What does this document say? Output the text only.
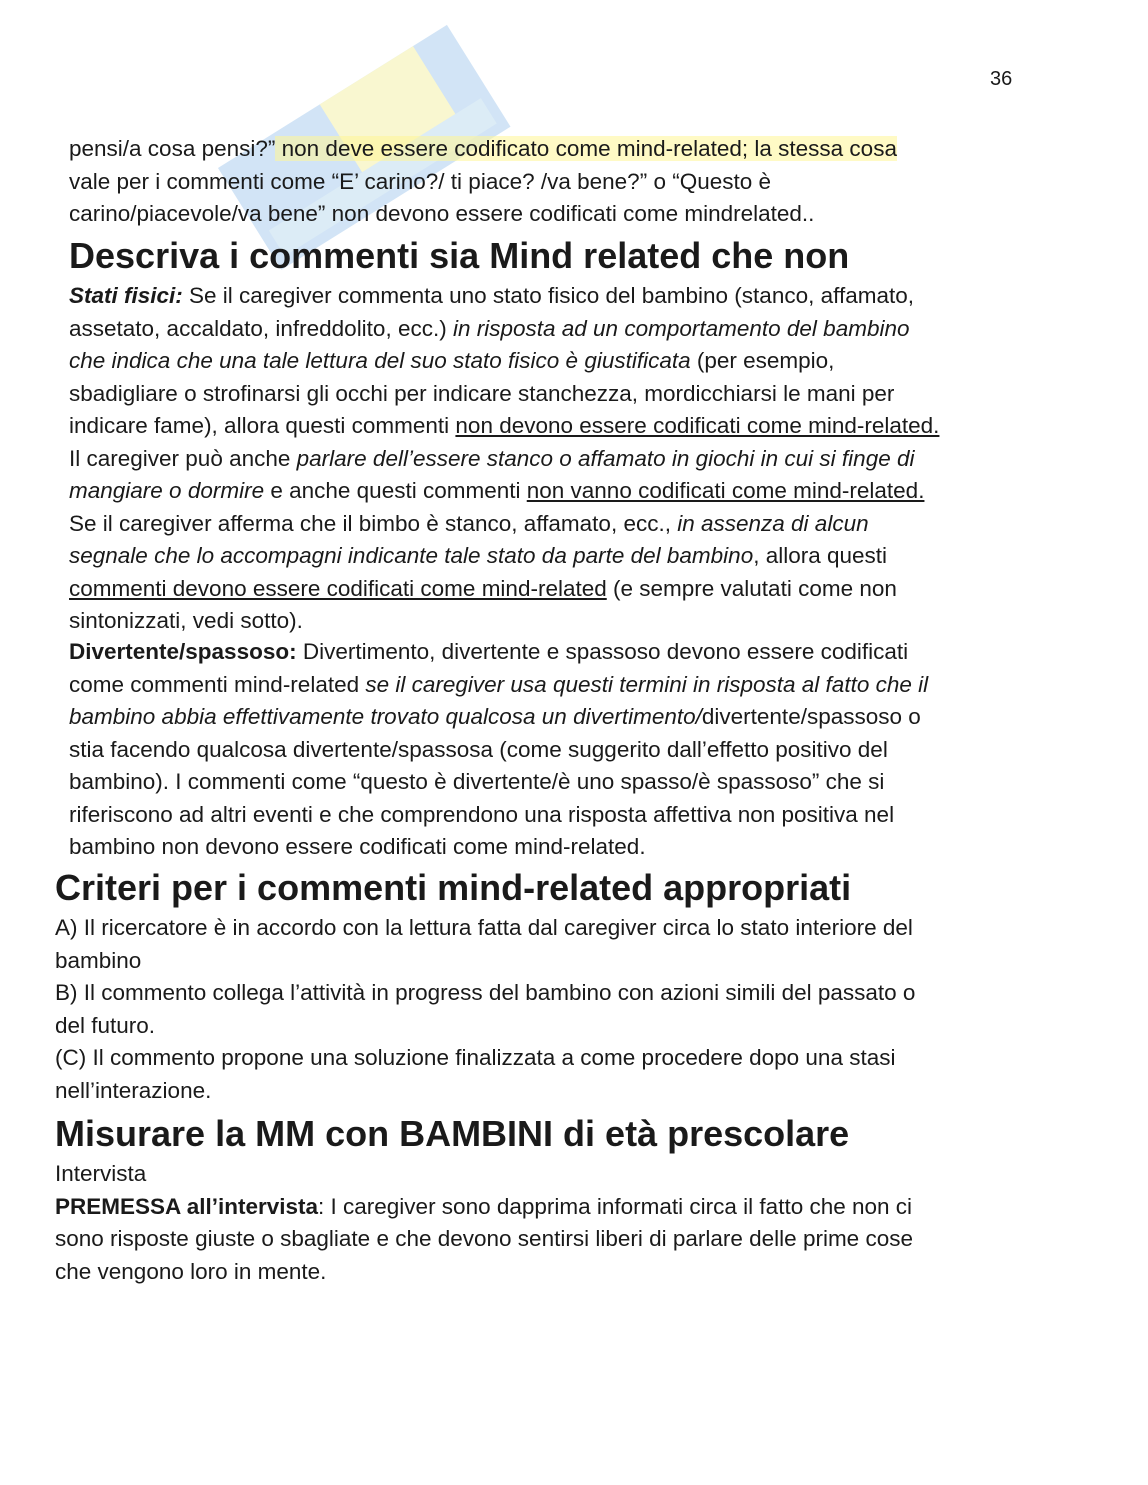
36

pensi/a cosa pensi?” non deve essere codificato come mind-related; la stessa cosa
vale per i commenti come “E’ carino?/ ti piace? /va bene?” o “Questo è
carino/piacevole/va bene” non devono essere codificati come mindrelated..

Descriva i commenti sia Mind related che non

Stati fisici: Se il caregiver commenta uno stato fisico del bambino (stanco, affamato,
assetato, accaldato, infreddolito, ecc.) in risposta ad un comportamento del bambino
che indica che una tale lettura del suo stato fisico è giustificata (per esempio,
sbadigliare o strofinarsi gli occhi per indicare stanchezza, mordicchiarsi le mani per
indicare fame), allora questi commenti non devono essere codificati come mind-related.
Il caregiver può anche parlare dell’essere stanco o affamato in giochi in cui si finge di
mangiare o dormire e anche questi commenti non vanno codificati come mind-related.
Se il caregiver afferma che il bimbo è stanco, affamato, ecc., in assenza di alcun
segnale che lo accompagni indicante tale stato da parte del bambino, allora questi
commenti devono essere codificati come mind-related (e sempre valutati come non
sintonizzati, vedi sotto).

Divertente/spassoso: Divertimento, divertente e spassoso devono essere codificati
come commenti mind-related se il caregiver usa questi termini in risposta al fatto che il
bambino abbia effettivamente trovato qualcosa un divertimento/divertente/spassoso o
stia facendo qualcosa divertente/spassosa (come suggerito dall’effetto positivo del
bambino). I commenti come “questo è divertente/è uno spasso/è spassoso” che si
riferiscono ad altri eventi e che comprendono una risposta affettiva non positiva nel
bambino non devono essere codificati come mind-related.

Criteri per i commenti mind-related appropriati

A) Il ricercatore è in accordo con la lettura fatta dal caregiver circa lo stato interiore del
bambino
B) Il commento collega l’attività in progress del bambino con azioni simili del passato o
del futuro.
(C) Il commento propone una soluzione finalizzata a come procedere dopo una stasi
nell’interazione.

Misurare la MM con BAMBINI di età prescolare

Intervista
PREMESSA all’intervista: I caregiver sono dapprima informati circa il fatto che non ci
sono risposte giuste o sbagliate e che devono sentirsi liberi di parlare delle prime cose
che vengono loro in mente.
